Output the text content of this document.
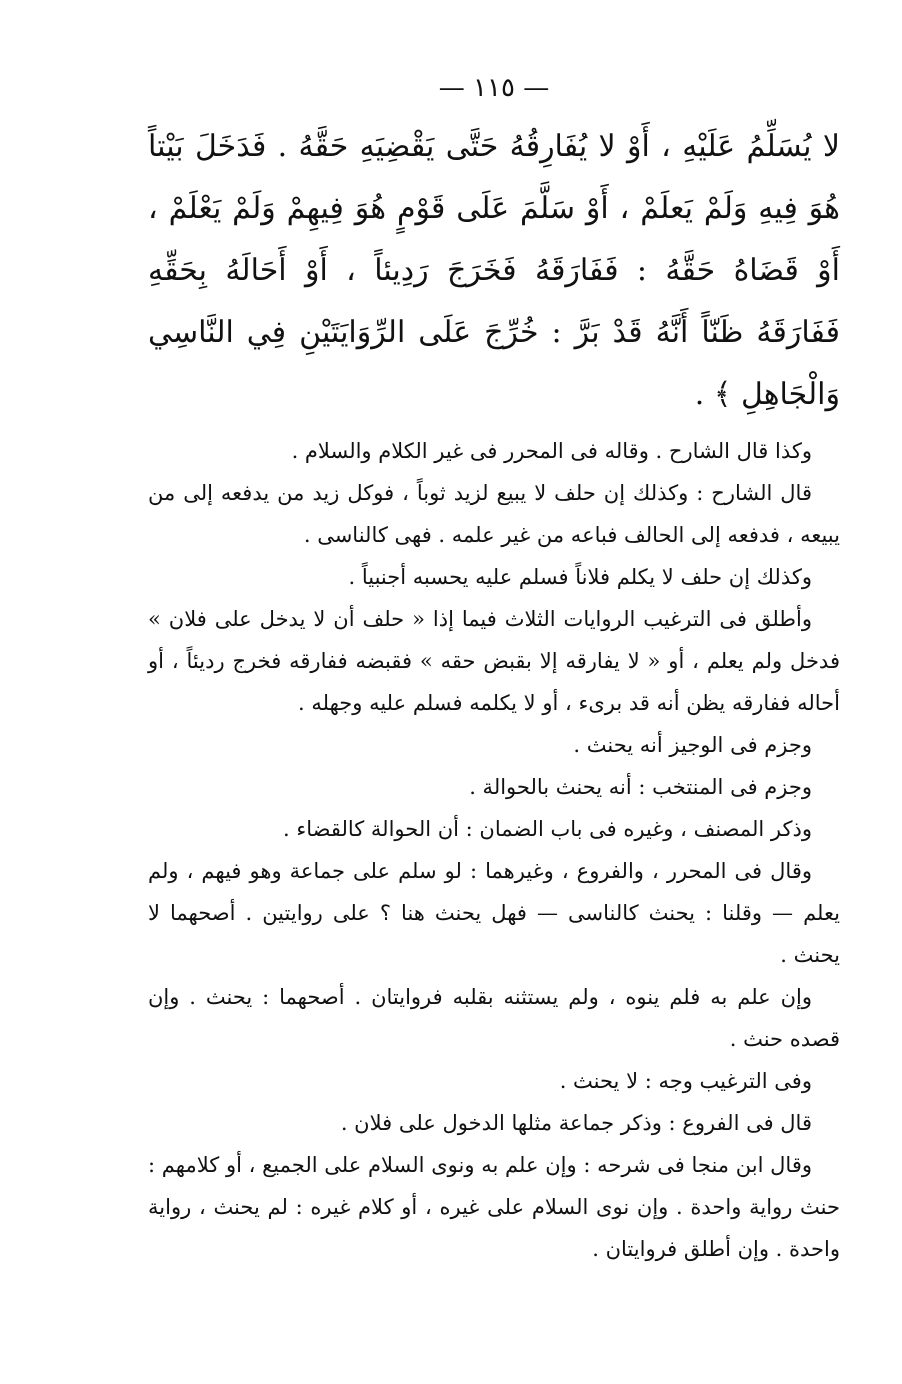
— ١١٥ —

لا يُسَلِّمُ عَلَيْهِ ، أَوْ لا يُفَارِقُهُ حَتَّى يَقْضِيَهِ حَقَّهُ . فَدَخَلَ بَيْتاً هُوَ فِيهِ وَلَمْ يَعلَمْ ، أَوْ سَلَّمَ عَلَى قَوْمٍ هُوَ فِيهِمْ وَلَمْ يَعْلَمْ ، أَوْ قَضَاهُ حَقَّهُ : فَفَارَقَهُ فَخَرَجَ رَدِيئاً ، أَوْ أَحَالَهُ بِحَقِّهِ فَفَارَقَهُ ظَنّاً أَنَّهُ قَدْ بَرَّ : خُرِّجَ عَلَى الرِّوَايَتَيْنِ فِي النَّاسِي وَالْجَاهِلِ ﴾ .

وكذا قال الشارح . وقاله فى المحرر فى غير الكلام والسلام .

قال الشارح : وكذلك إن حلف لا يبيع لزيد ثوباً ، فوكل زيد من يدفعه إلى من يبيعه ، فدفعه إلى الحالف فباعه من غير علمه . فهى كالناسى .

وكذلك إن حلف لا يكلم فلاناً فسلم عليه يحسبه أجنبياً .

وأطلق فى الترغيب الروايات الثلاث فيما إذا « حلف أن لا يدخل على فلان » فدخل ولم يعلم ، أو « لا يفارقه إلا بقبض حقه » فقبضه ففارقه فخرج رديئاً ، أو أحاله ففارقه يظن أنه قد برىء ، أو لا يكلمه فسلم عليه وجهله .

وجزم فى الوجيز أنه يحنث .

وجزم فى المنتخب : أنه يحنث بالحوالة .

وذكر المصنف ، وغيره فى باب الضمان : أن الحوالة كالقضاء .

وقال فى المحرر ، والفروع ، وغيرهما : لو سلم على جماعة وهو فيهم ، ولم يعلم — وقلنا : يحنث كالناسى — فهل يحنث هنا ؟ على روايتين . أصحهما لا يحنث .

وإن علم به فلم ينوه ، ولم يستثنه بقلبه فروايتان . أصحهما : يحنث . وإن قصده حنث .

وفى الترغيب وجه : لا يحنث .

قال فى الفروع : وذكر جماعة مثلها الدخول على فلان .

وقال ابن منجا فى شرحه : وإن علم به ونوى السلام على الجميع ، أو كلامهم : حنث رواية واحدة . وإن نوى السلام على غيره ، أو كلام غيره : لم يحنث ، رواية واحدة . وإن أطلق فروايتان .
